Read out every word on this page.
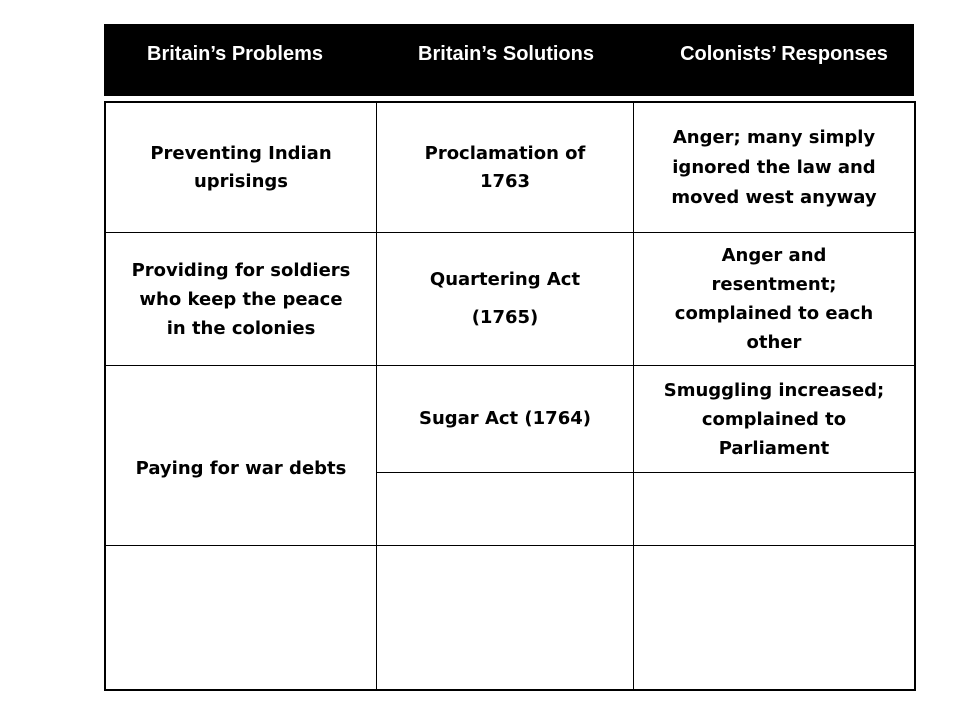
Britain’s Problems	Britain’s Solutions	Colonists’ Responses
Preventing Indian
uprisings
Proclamation of
1763
Anger; many simply
ignored the law and
moved west anyway
Providing for soldiers
who keep the peace
in the colonies
Quartering Act
(1765)
Anger and
resentment;
complained to each
other
Paying for war debts
Sugar Act (1764)
Smuggling increased;
complained to
Parliament
